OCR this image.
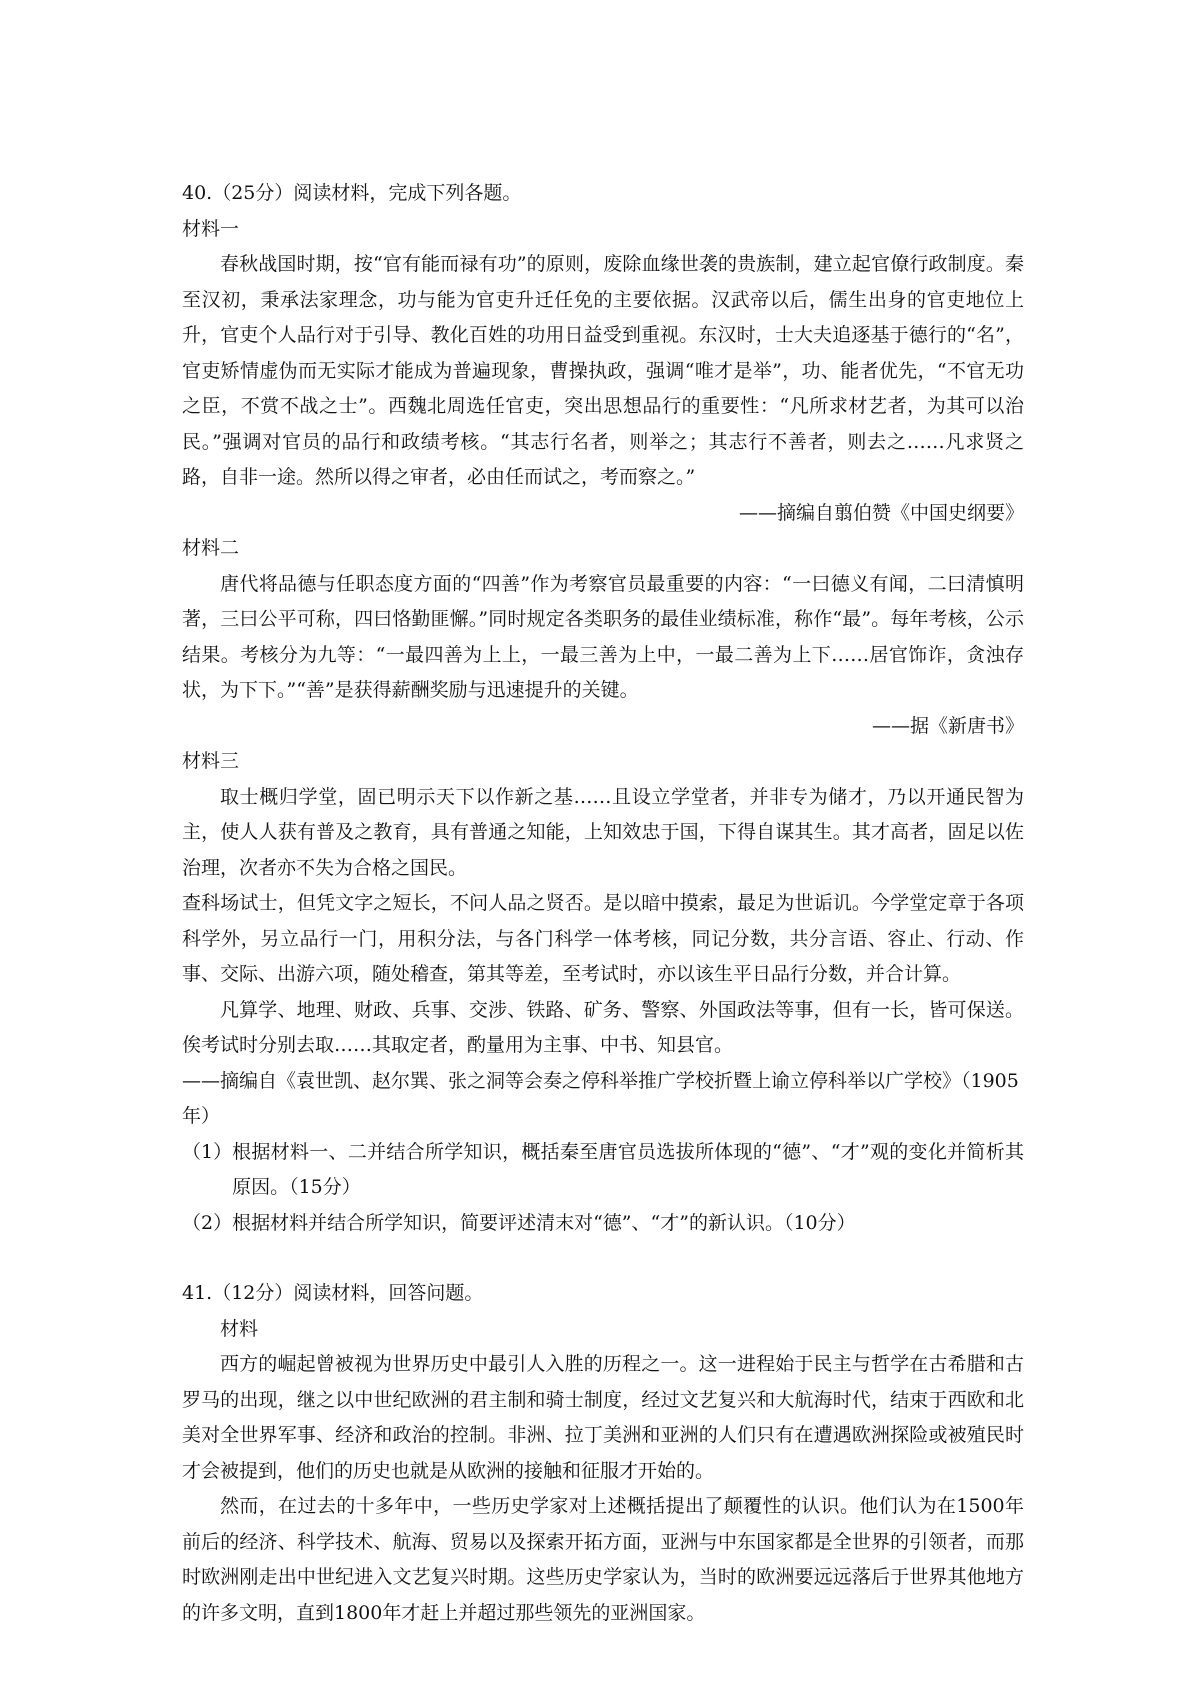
40.（25分）阅读材料，完成下列各题。

材料一

春秋战国时期，按“官有能而禄有功”的原则，废除血缘世袭的贵族制，建立起官僚行政制度。秦至汉初，秉承法家理念，功与能为官吏升迁任免的主要依据。汉武帝以后，儒生出身的官吏地位上升，官吏个人品行对于引导、教化百姓的功用日益受到重视。东汉时，士大夫追逐基于德行的“名”，官吏矫情虚伪而无实际才能成为普遍现象，曹操执政，强调“唯才是举”，功、能者优先，“不官无功之臣，不赏不战之士”。西魏北周选任官吏，突出思想品行的重要性：“凡所求材艺者，为其可以治民。”强调对官员的品行和政绩考核。“其志行名者，则举之；其志行不善者，则去之……凡求贤之路，自非一途。然所以得之审者，必由任而试之，考而察之。”

——摘编自翦伯赞《中国史纲要》

材料二

唐代将品德与任职态度方面的“四善”作为考察官员最重要的内容：“一曰德义有闻，二曰清慎明著，三曰公平可称，四曰恪勤匪懈。”同时规定各类职务的最佳业绩标准，称作“最”。每年考核，公示结果。考核分为九等：“一最四善为上上，一最三善为上中，一最二善为上下……居官饰诈，贪浊存状，为下下。”“善”是获得薪酬奖励与迅速提升的关键。

——据《新唐书》

材料三

取士概归学堂，固已明示天下以作新之基……且设立学堂者，并非专为储才，乃以开通民智为主，使人人获有普及之教育，具有普通之知能，上知效忠于国，下得自谋其生。其才高者，固足以佐治理，次者亦不失为合格之国民。

查科场试士，但凭文字之短长，不问人品之贤否。是以暗中摸索，最足为世诟讥。今学堂定章于各项科学外，另立品行一门，用积分法，与各门科学一体考核，同记分数，共分言语、容止、行动、作事、交际、出游六项，随处稽查，第其等差，至考试时，亦以该生平日品行分数，并合计算。

凡算学、地理、财政、兵事、交涉、铁路、矿务、警察、外国政法等事，但有一长，皆可保送。俟考试时分别去取……其取定者，酌量用为主事、中书、知县官。

——摘编自《袁世凯、赵尔巽、张之洞等会奏之停科举推广学校折暨上谕立停科举以广学校》（1905年）

（1） 根据材料一、二并结合所学知识，概括秦至唐官员选拔所体现的“德”、“才”观的变化并简析其原因。（15分）
（2） 根据材料并结合所学知识，简要评述清末对“德”、“才”的新认识。（10分）

41.（12分）阅读材料，回答问题。

材料

西方的崛起曾被视为世界历史中最引人入胜的历程之一。这一进程始于民主与哲学在古希腊和古罗马的出现，继之以中世纪欧洲的君主制和骑士制度，经过文艺复兴和大航海时代，结束于西欧和北美对全世界军事、经济和政治的控制。非洲、拉丁美洲和亚洲的人们只有在遭遇欧洲探险或被殖民时才会被提到，他们的历史也就是从欧洲的接触和征服才开始的。

然而，在过去的十多年中，一些历史学家对上述概括提出了颠覆性的认识。他们认为在1500年前后的经济、科学技术、航海、贸易以及探索开拓方面，亚洲与中东国家都是全世界的引领者，而那时欧洲刚走出中世纪进入文艺复兴时期。这些历史学家认为，当时的欧洲要远远落后于世界其他地方的许多文明，直到1800年才赶上并超过那些领先的亚洲国家。
